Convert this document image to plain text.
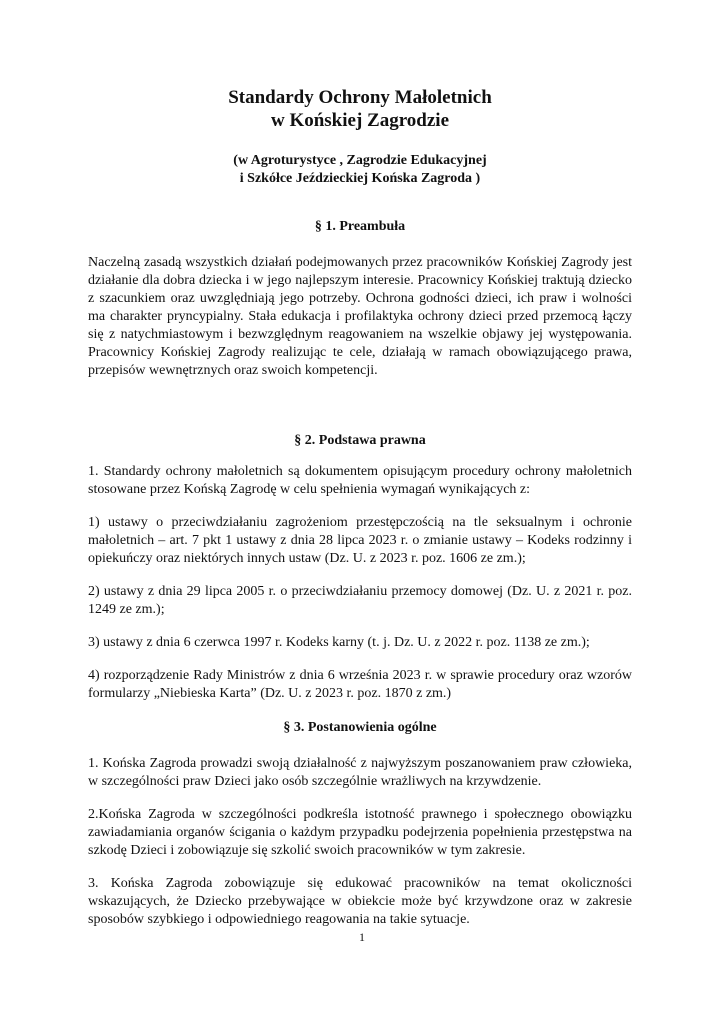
Standardy Ochrony Małoletnich
w Końskiej Zagrodzie
(w Agroturystyce , Zagrodzie Edukacyjnej
i Szkółce Jeździeckiej Końska Zagroda )

§ 1. Preambuła

Naczelną zasadą wszystkich działań podejmowanych przez pracowników Końskiej Zagrody jest działanie dla dobra dziecka i w jego najlepszym interesie. Pracownicy Końskiej traktują dziecko z szacunkiem oraz uwzględniają jego potrzeby. Ochrona godności dzieci, ich praw i wolności ma charakter pryncypialny. Stała edukacja i profilaktyka ochrony dzieci przed przemocą łączy się z natychmiastowym i bezwzględnym reagowaniem na wszelkie objawy jej występowania. Pracownicy Końskiej Zagrody realizując te cele, działają w ramach obowiązującego prawa, przepisów wewnętrznych oraz swoich kompetencji.

§ 2. Podstawa prawna

1. Standardy ochrony małoletnich są dokumentem opisującym procedury ochrony małoletnich stosowane przez Końską Zagrodę w celu spełnienia wymagań wynikających z:

1) ustawy o przeciwdziałaniu zagrożeniom przestępczością na tle seksualnym i ochronie małoletnich – art. 7 pkt 1 ustawy z dnia 28 lipca 2023 r. o zmianie ustawy – Kodeks rodzinny i opiekuńczy oraz niektórych innych ustaw (Dz. U. z 2023 r. poz. 1606 ze zm.);

2) ustawy z dnia 29 lipca 2005 r. o przeciwdziałaniu przemocy domowej (Dz. U. z 2021 r. poz. 1249 ze zm.);

3) ustawy z dnia 6 czerwca 1997 r. Kodeks karny (t. j. Dz. U. z 2022 r. poz. 1138 ze zm.);

4) rozporządzenie Rady Ministrów z dnia 6 września 2023 r. w sprawie procedury oraz wzorów formularzy „Niebieska Karta” (Dz. U. z 2023 r. poz. 1870 z zm.)

§ 3. Postanowienia ogólne

1. Końska Zagroda prowadzi swoją działalność z najwyższym poszanowaniem praw człowieka, w szczególności praw Dzieci jako osób szczególnie wrażliwych na krzywdzenie.

2.Końska Zagroda w szczególności podkreśla istotność prawnego i społecznego obowiązku zawiadamiania organów ścigania o każdym przypadku podejrzenia popełnienia przestępstwa na szkodę Dzieci i zobowiązuje się szkolić swoich pracowników w tym zakresie.

3. Końska Zagroda zobowiązuje się edukować pracowników na temat okoliczności wskazujących, że Dziecko przebywające w obiekcie może być krzywdzone oraz w zakresie sposobów szybkiego i odpowiedniego reagowania na takie sytuacje.

1
